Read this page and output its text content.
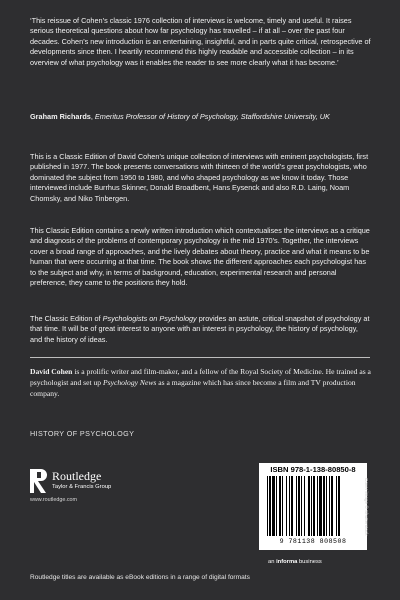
‘This reissue of Cohen’s classic 1976 collection of interviews is welcome, timely and useful. It raises serious theoretical questions about how far psychology has travelled – if at all – over the past four decades. Cohen’s new introduction is an entertaining, insightful, and in parts quite critical, retrospective of developments since then. I heartily recommend this highly readable and accessible collection – in its overview of what psychology was it enables the reader to see more clearly what it has become.’

Graham Richards, Emeritus Professor of History of Psychology, Staffordshire University, UK

This is a Classic Edition of David Cohen’s unique collection of interviews with eminent psychologists, first published in 1977. The book presents conversations with thirteen of the world’s great psychologists, who dominated the subject from 1950 to 1980, and who shaped psychology as we know it today. Those interviewed include Burrhus Skinner, Donald Broadbent, Hans Eysenck and also R.D. Laing, Noam Chomsky, and Niko Tinbergen.

This Classic Edition contains a newly written introduction which contextualises the interviews as a critique and diagnosis of the problems of contemporary psychology in the mid 1970’s. Together, the interviews cover a broad range of approaches, and the lively debates about theory, practice and what it means to be human that were occurring at that time. The book shows the different approaches each psychologist has to the subject and why, in terms of background, education, experimental research and personal preference, they came to the positions they hold.

The Classic Edition of Psychologists on Psychology provides an astute, critical snapshot of psychology at that time. It will be of great interest to anyone with an interest in psychology, the history of psychology, and the history of ideas.

David Cohen is a prolific writer and film-maker, and a fellow of the Royal Society of Medicine. He trained as a psychologist and set up Psychology News as a magazine which has since become a film and TV production company.

HISTORY OF PSYCHOLOGY
Routledge
Taylor & Francis Group
www.routledge.com
ISBN 978-1-138-80850-8
9 781138 808508
Cover image © Shutterstock
an informa business
Routledge titles are available as eBook editions in a range of digital formats
